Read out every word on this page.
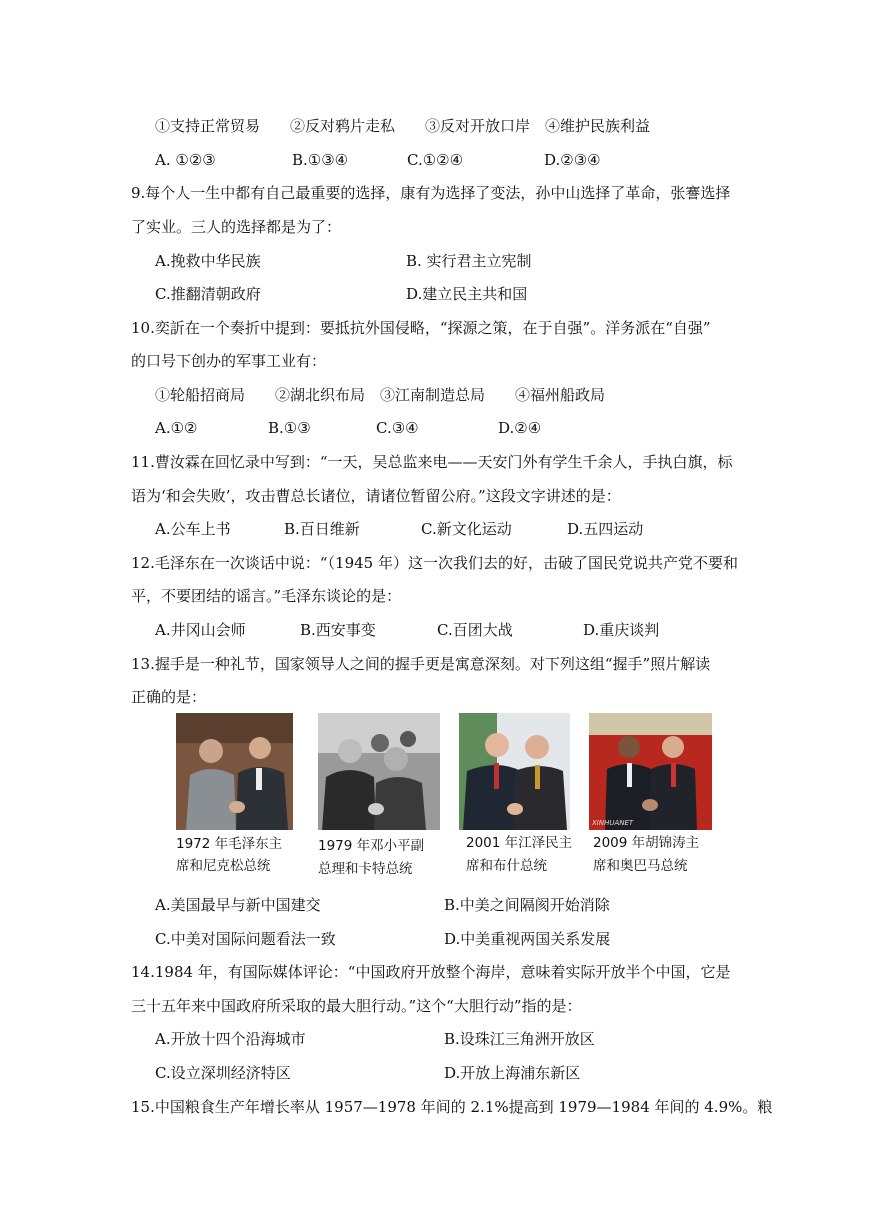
①支持正常贸易　　②反对鸦片走私　　③反对开放口岸　④维护民族利益
A. ①②③	B.①③④	C.①②④	D.②③④
9.每个人一生中都有自己最重要的选择，康有为选择了变法，孙中山选择了革命，张謇选择
了实业。三人的选择都是为了：
A.挽救中华民族	B. 实行君主立宪制
C.推翻清朝政府	D.建立民主共和国
10.奕訢在一个奏折中提到：要抵抗外国侵略，“探源之策，在于自强”。洋务派在“自强”
的口号下创办的军事工业有：
①轮船招商局　　②湖北织布局　③江南制造总局　　④福州船政局
A.①②	B.①③	C.③④	D.②④
11.曹汝霖在回忆录中写到：“一天，吴总监来电——天安门外有学生千余人，手执白旗，标
语为‘和会失败’，攻击曹总长诸位，请诸位暂留公府。”这段文字讲述的是：
A.公车上书	B.百日维新	C.新文化运动	D.五四运动
12.毛泽东在一次谈话中说：“（1945 年）这一次我们去的好，击破了国民党说共产党不要和
平，不要团结的谣言。”毛泽东谈论的是：
A.井冈山会师	B.西安事变	C.百团大战	D.重庆谈判
13.握手是一种礼节，国家领导人之间的握手更是寓意深刻。对下列这组“握手”照片解读
正确的是：
XINHUANET
1972 年毛泽东主
席和尼克松总统
1979 年邓小平副
总理和卡特总统
2001 年江泽民主
席和布什总统
2009 年胡锦涛主
席和奥巴马总统
A.美国最早与新中国建交	B.中美之间隔阂开始消除
C.中美对国际问题看法一致	D.中美重视两国关系发展
14.1984 年，有国际媒体评论：“中国政府开放整个海岸，意味着实际开放半个中国，它是
三十五年来中国政府所采取的最大胆行动。”这个“大胆行动”指的是：
A.开放十四个沿海城市	B.设珠江三角洲开放区
C.设立深圳经济特区	D.开放上海浦东新区
15.中国粮食生产年增长率从 1957—1978 年间的 2.1%提高到 1979—1984 年间的 4.9%。粮
